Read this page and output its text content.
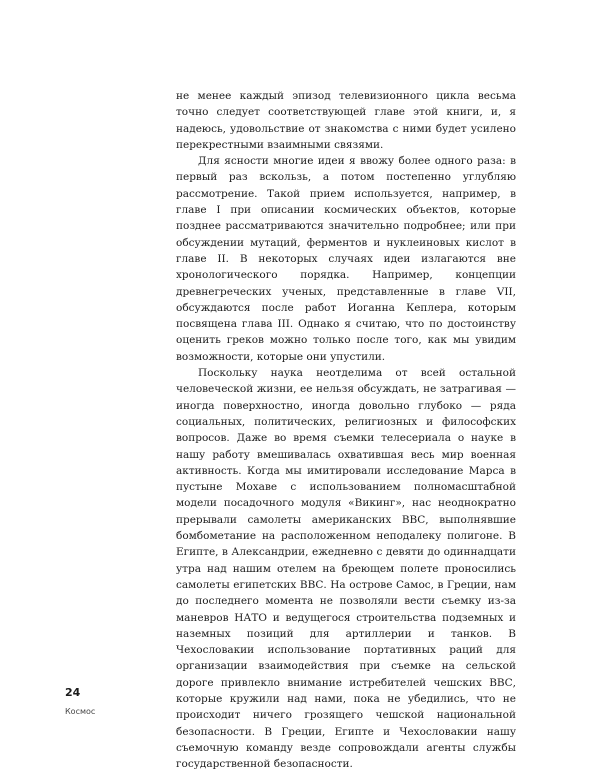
не менее каждый эпизод телевизионного цикла весьма точно следует соответствующей главе этой книги, и, я надеюсь, удовольствие от знакомства с ними будет усилено перекрестными взаимными связями.

Для ясности многие идеи я ввожу более одного раза: в первый раз вскользь, а потом постепенно углубляю рассмотрение. Такой прием используется, например, в главе I при описании космических объектов, которые позднее рассматриваются значительно подробнее; или при обсуждении мутаций, ферментов и нуклеиновых кислот в главе II. В некоторых случаях идеи излагаются вне хронологического порядка. Например, концепции древнегреческих ученых, представленные в главе VII, обсуждаются после работ Иоганна Кеплера, которым посвящена глава III. Однако я считаю, что по достоинству оценить греков можно только после того, как мы увидим возможности, которые они упустили.

Поскольку наука неотделима от всей остальной человеческой жизни, ее нельзя обсуждать, не затрагивая — иногда поверхностно, иногда довольно глубоко — ряда социальных, политических, религиозных и философских вопросов. Даже во время съемки телесериала о науке в нашу работу вмешивалась охватившая весь мир военная активность. Когда мы имитировали исследование Марса в пустыне Мохаве с использованием полномасштабной модели посадочного модуля «Викинг», нас неоднократно прерывали самолеты американских ВВС, выполнявшие бомбометание на расположенном неподалеку полигоне. В Египте, в Александрии, ежедневно с девяти до одиннадцати утра над нашим отелем на бреющем полете проносились самолеты египетских ВВС. На острове Самос, в Греции, нам до последнего момента не позволяли вести съемку из-за маневров НАТО и ведущегося строительства подземных и наземных позиций для артиллерии и танков. В Чехословакии использование портативных раций для организации взаимодействия при съемке на сельской дороге привлекло внимание истребителей чешских ВВС, которые кружили над нами, пока не убедились, что не происходит ничего грозящего чешской национальной безопасности. В Греции, Египте и Чехословакии нашу съемочную команду везде сопровождали агенты службы государственной безопасности.

24
Космос
